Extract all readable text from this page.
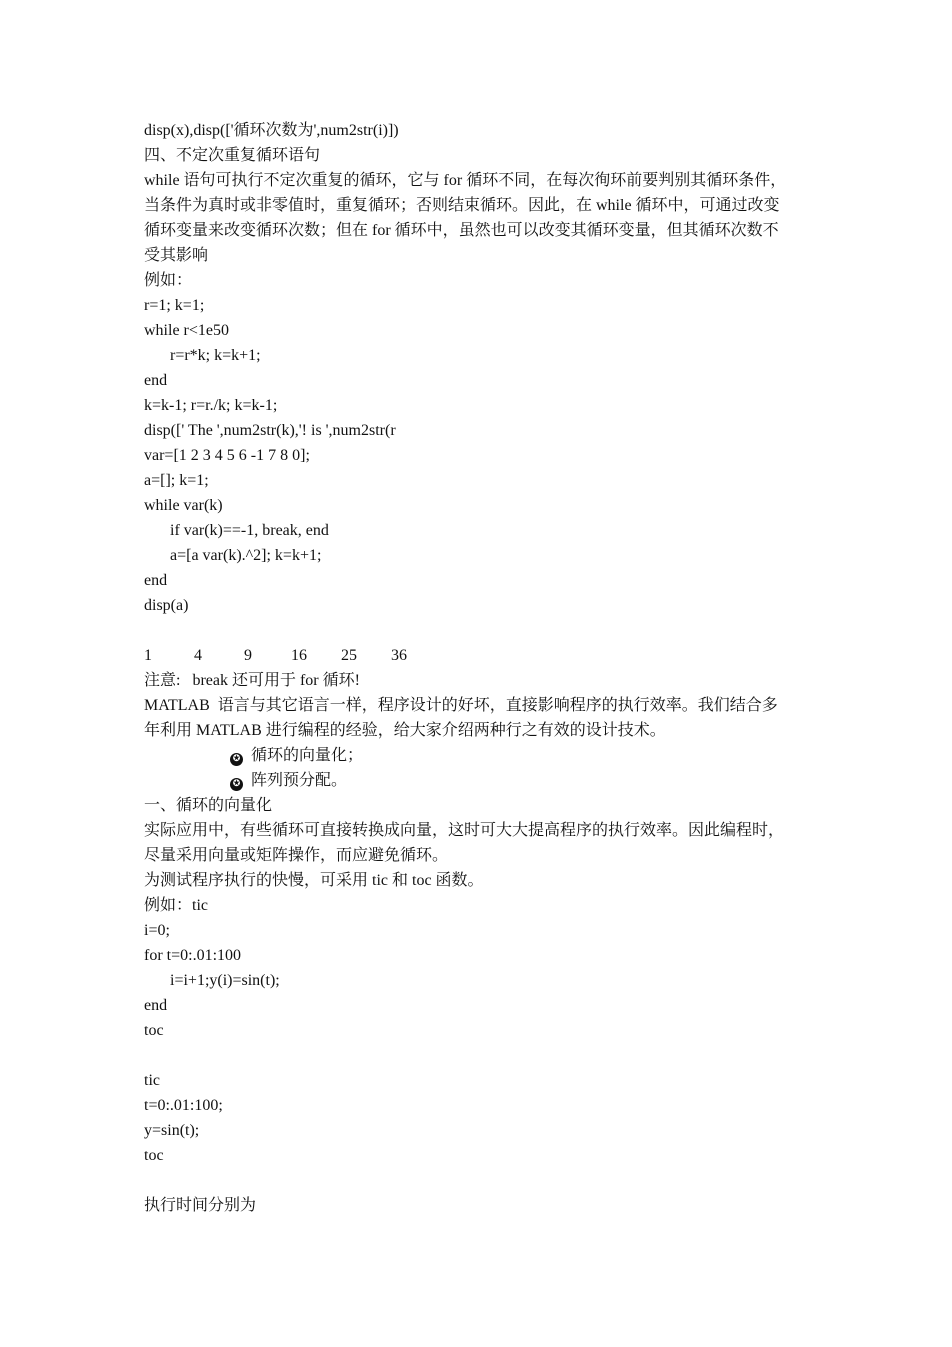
disp(x),disp(['循环次数为',num2str(i)])
四、不定次重复循环语句
while 语句可执行不定次重复的循环，它与 for 循环不同，在每次徇环前要判别其循环条件，
当条件为真时或非零值时，重复循环；否则结束循环。因此，在 while 循环中，可通过改变
循环变量来改变循环次数；但在 for 循环中，虽然也可以改变其循环变量，但其循环次数不
受其影响
例如：
r=1; k=1;
while r<1e50
r=r*k; k=k+1;
end
k=k-1; r=r./k; k=k-1;
disp([' The ',num2str(k),'! is ',num2str(r
var=[1 2 3 4 5 6 -1 7 8 0];
a=[]; k=1;
while var(k)
if var(k)==-1, break, end
a=[a var(k).^2]; k=k+1;
end
disp(a)
1	4	9 16 25 36
注意:   break 还可用于 for 循环!
MATLAB  语言与其它语言一样，程序设计的好坏，直接影响程序的执行效率。我们结合多
年利用 MATLAB 进行编程的经验，给大家介绍两种行之有效的设计技术。
✪ 循环的向量化；
✪ 阵列预分配。
一、循环的向量化
实际应用中，有些循环可直接转换成向量，这时可大大提高程序的执行效率。因此编程时，
尽量采用向量或矩阵操作，而应避免循环。
为测试程序执行的快慢，可采用 tic 和 toc 函数。
例如：tic
i=0;
for t=0:.01:100
i=i+1;y(i)=sin(t);
end
toc
tic
t=0:.01:100;
y=sin(t);
toc
执行时间分别为
